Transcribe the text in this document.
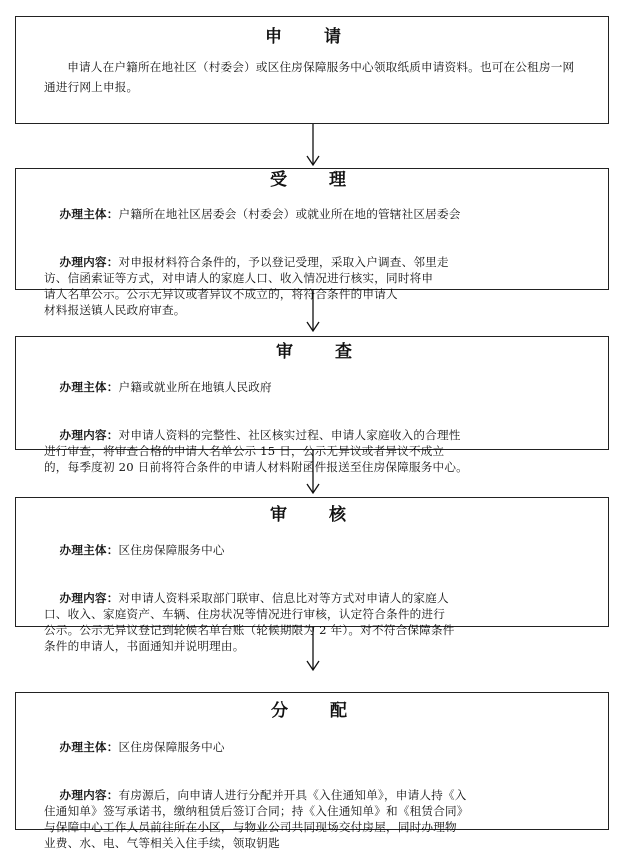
申 请
申请人在户籍所在地社区（村委会）或区住房保障服务中心领取纸质申请资料。也可在公租房一网通进行网上申报。
受 理

办理主体：户籍所在地社区居委会（村委会）或就业所在地的管辖社区居委会

办理内容：对申报材料符合条件的，予以登记受理，采取入户调查、邻里走
访、信函索证等方式，对申请人的家庭人口、收入情况进行核实，同时将申
请人名单公示。公示无异议或者异议不成立的，将符合条件的申请人
材料报送镇人民政府审查。

审 查

办理主体：户籍或就业所在地镇人民政府

办理内容：对申请人资料的完整性、社区核实过程、申请人家庭收入的合理性
进行审查，将审查合格的申请人名单公示 15 日，公示无异议或者异议不成立
的，每季度初 20 日前将符合条件的申请人材料附函件报送至住房保障服务中心。

审 核

办理主体：区住房保障服务中心

办理内容：对申请人资料采取部门联审、信息比对等方式对申请人的家庭人
口、收入、家庭资产、车辆、住房状况等情况进行审核，认定符合条件的进行
公示。公示无异议登记到轮候名单台账（轮候期限为 2 年）。对不符合保障条件
条件的申请人，书面通知并说明理由。

分 配

办理主体：区住房保障服务中心

办理内容：有房源后，向申请人进行分配并开具《入住通知单》，申请人持《入
住通知单》签写承诺书，缴纳租赁后签订合同；持《入住通知单》和《租赁合同》
与保障中心工作人员前往所在小区，与物业公司共同现场交付房屋，同时办理物
业费、水、电、气等相关入住手续，领取钥匙
